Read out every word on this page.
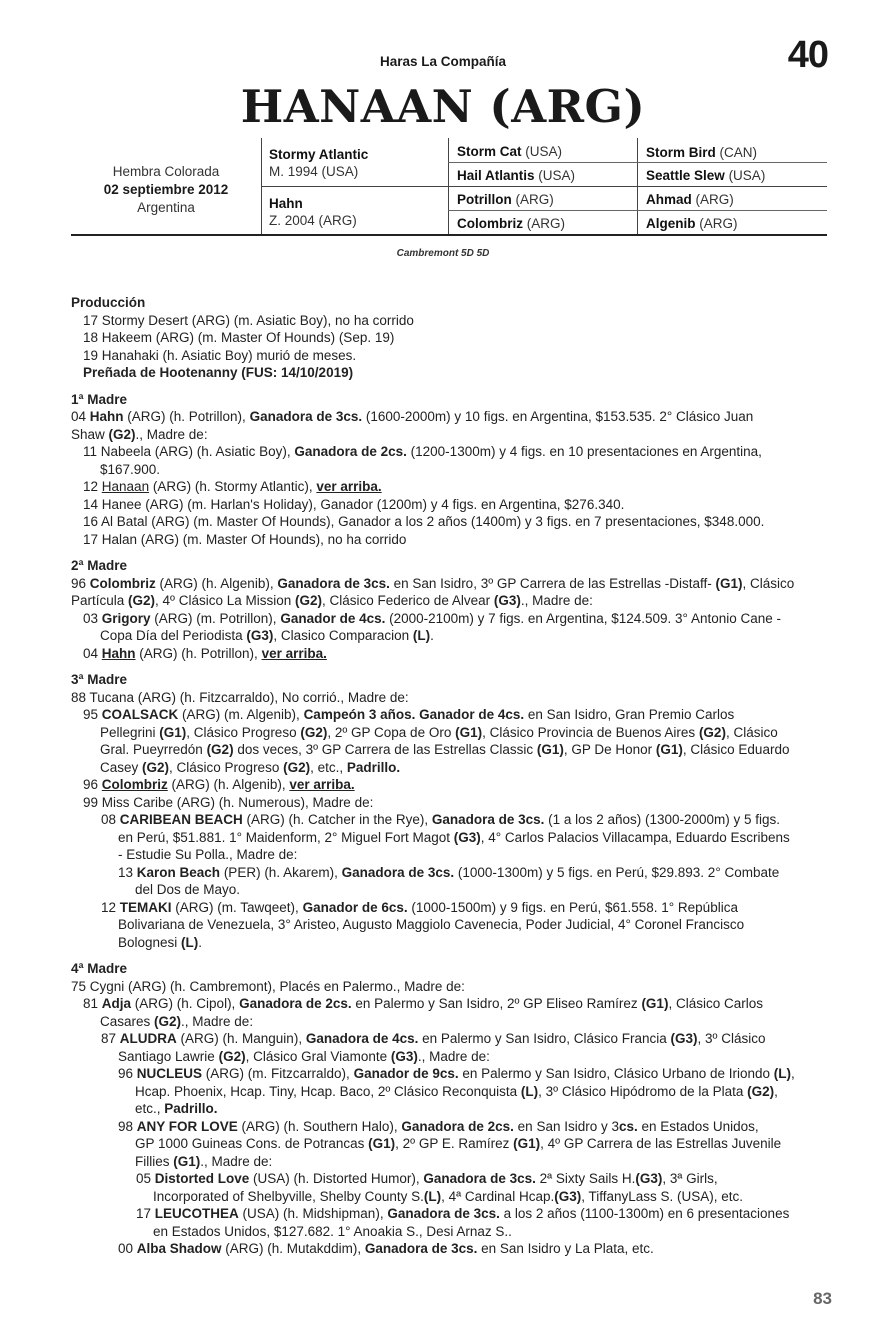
Haras La Compañía	40
HANAAN (ARG)
Hembra Colorada
02 septiembre 2012
Argentina
Stormy Atlantic
M. 1994 (USA)
Hahn
Z. 2004 (ARG)
Storm Cat (USA)
Hail Atlantis (USA)
Potrillon (ARG)
Colombriz (ARG)
Storm Bird (CAN)
Seattle Slew (USA)
Ahmad (ARG)
Algenib (ARG)
Cambremont 5D 5D
Producción
17 Stormy Desert (ARG) (m. Asiatic Boy), no ha corrido
18 Hakeem (ARG) (m. Master Of Hounds) (Sep. 19)
19 Hanahaki (h. Asiatic Boy) murió de meses.
Preñada de Hootenanny (FUS: 14/10/2019)
1ª Madre
04 Hahn (ARG) (h. Potrillon), Ganadora de 3cs. (1600-2000m) y 10 figs. en Argentina, $153.535. 2° Clásico Juan
Shaw (G2)., Madre de:
11 Nabeela (ARG) (h. Asiatic Boy), Ganadora de 2cs. (1200-1300m) y 4 figs. en 10 presentaciones en Argentina,
$167.900.
12 Hanaan (ARG) (h. Stormy Atlantic), ver arriba.
14 Hanee (ARG) (m. Harlan's Holiday), Ganador (1200m) y 4 figs. en Argentina, $276.340.
16 Al Batal (ARG) (m. Master Of Hounds), Ganador a los 2 años (1400m) y 3 figs. en 7 presentaciones, $348.000.
17 Halan (ARG) (m. Master Of Hounds), no ha corrido
2ª Madre
96 Colombriz (ARG) (h. Algenib), Ganadora de 3cs. en San Isidro, 3º GP Carrera de las Estrellas -Distaff- (G1), Clásico
Partícula (G2), 4º Clásico La Mission (G2), Clásico Federico de Alvear (G3)., Madre de:
03 Grigory (ARG) (m. Potrillon), Ganador de 4cs. (2000-2100m) y 7 figs. en Argentina, $124.509. 3° Antonio Cane -
Copa Día del Periodista (G3), Clasico Comparacion (L).
04 Hahn (ARG) (h. Potrillon), ver arriba.
3ª Madre
88 Tucana (ARG) (h. Fitzcarraldo), No corrió., Madre de:
95 COALSACK (ARG) (m. Algenib), Campeón 3 años. Ganador de 4cs. en San Isidro, Gran Premio Carlos
Pellegrini (G1), Clásico Progreso (G2), 2º GP Copa de Oro (G1), Clásico Provincia de Buenos Aires (G2), Clásico
Gral. Pueyrredón (G2) dos veces, 3º GP Carrera de las Estrellas Classic (G1), GP De Honor (G1), Clásico Eduardo
Casey (G2), Clásico Progreso (G2), etc., Padrillo.
96 Colombriz (ARG) (h. Algenib), ver arriba.
99 Miss Caribe (ARG) (h. Numerous), Madre de:
08 CARIBEAN BEACH (ARG) (h. Catcher in the Rye), Ganadora de 3cs. (1 a los 2 años) (1300-2000m) y 5 figs.
en Perú, $51.881. 1° Maidenform, 2° Miguel Fort Magot (G3), 4° Carlos Palacios Villacampa, Eduardo Escribens
- Estudie Su Polla., Madre de:
13 Karon Beach (PER) (h. Akarem), Ganadora de 3cs. (1000-1300m) y 5 figs. en Perú, $29.893. 2° Combate
del Dos de Mayo.
12 TEMAKI (ARG) (m. Tawqeet), Ganador de 6cs. (1000-1500m) y 9 figs. en Perú, $61.558. 1° República
Bolivariana de Venezuela, 3° Aristeo, Augusto Maggiolo Cavenecia, Poder Judicial, 4° Coronel Francisco
Bolognesi (L).
4ª Madre
75 Cygni (ARG) (h. Cambremont), Placés en Palermo., Madre de:
81 Adja (ARG) (h. Cipol), Ganadora de 2cs. en Palermo y San Isidro, 2º GP Eliseo Ramírez (G1), Clásico Carlos
Casares (G2)., Madre de:
87 ALUDRA (ARG) (h. Manguin), Ganadora de 4cs. en Palermo y San Isidro, Clásico Francia (G3), 3º Clásico
Santiago Lawrie (G2), Clásico Gral Viamonte (G3)., Madre de:
96 NUCLEUS (ARG) (m. Fitzcarraldo), Ganador de 9cs. en Palermo y San Isidro, Clásico Urbano de Iriondo (L),
Hcap. Phoenix, Hcap. Tiny, Hcap. Baco, 2º Clásico Reconquista (L), 3º Clásico Hipódromo de la Plata (G2),
etc., Padrillo.
98 ANY FOR LOVE (ARG) (h. Southern Halo), Ganadora de 2cs. en San Isidro y 3cs. en Estados Unidos,
GP 1000 Guineas Cons. de Potrancas (G1), 2º GP E. Ramírez (G1), 4º GP Carrera de las Estrellas Juvenile
Fillies (G1)., Madre de:
05 Distorted Love (USA) (h. Distorted Humor), Ganadora de 3cs. 2ª Sixty Sails H.(G3), 3ª Girls,
Incorporated of Shelbyville, Shelby County S.(L), 4ª Cardinal Hcap.(G3), TiffanyLass S. (USA), etc.
17 LEUCOTHEA (USA) (h. Midshipman), Ganadora de 3cs. a los 2 años (1100-1300m) en 6 presentaciones
en Estados Unidos, $127.682. 1° Anoakia S., Desi Arnaz S..
00 Alba Shadow (ARG) (h. Mutakddim), Ganadora de 3cs. en San Isidro y La Plata, etc.
83
